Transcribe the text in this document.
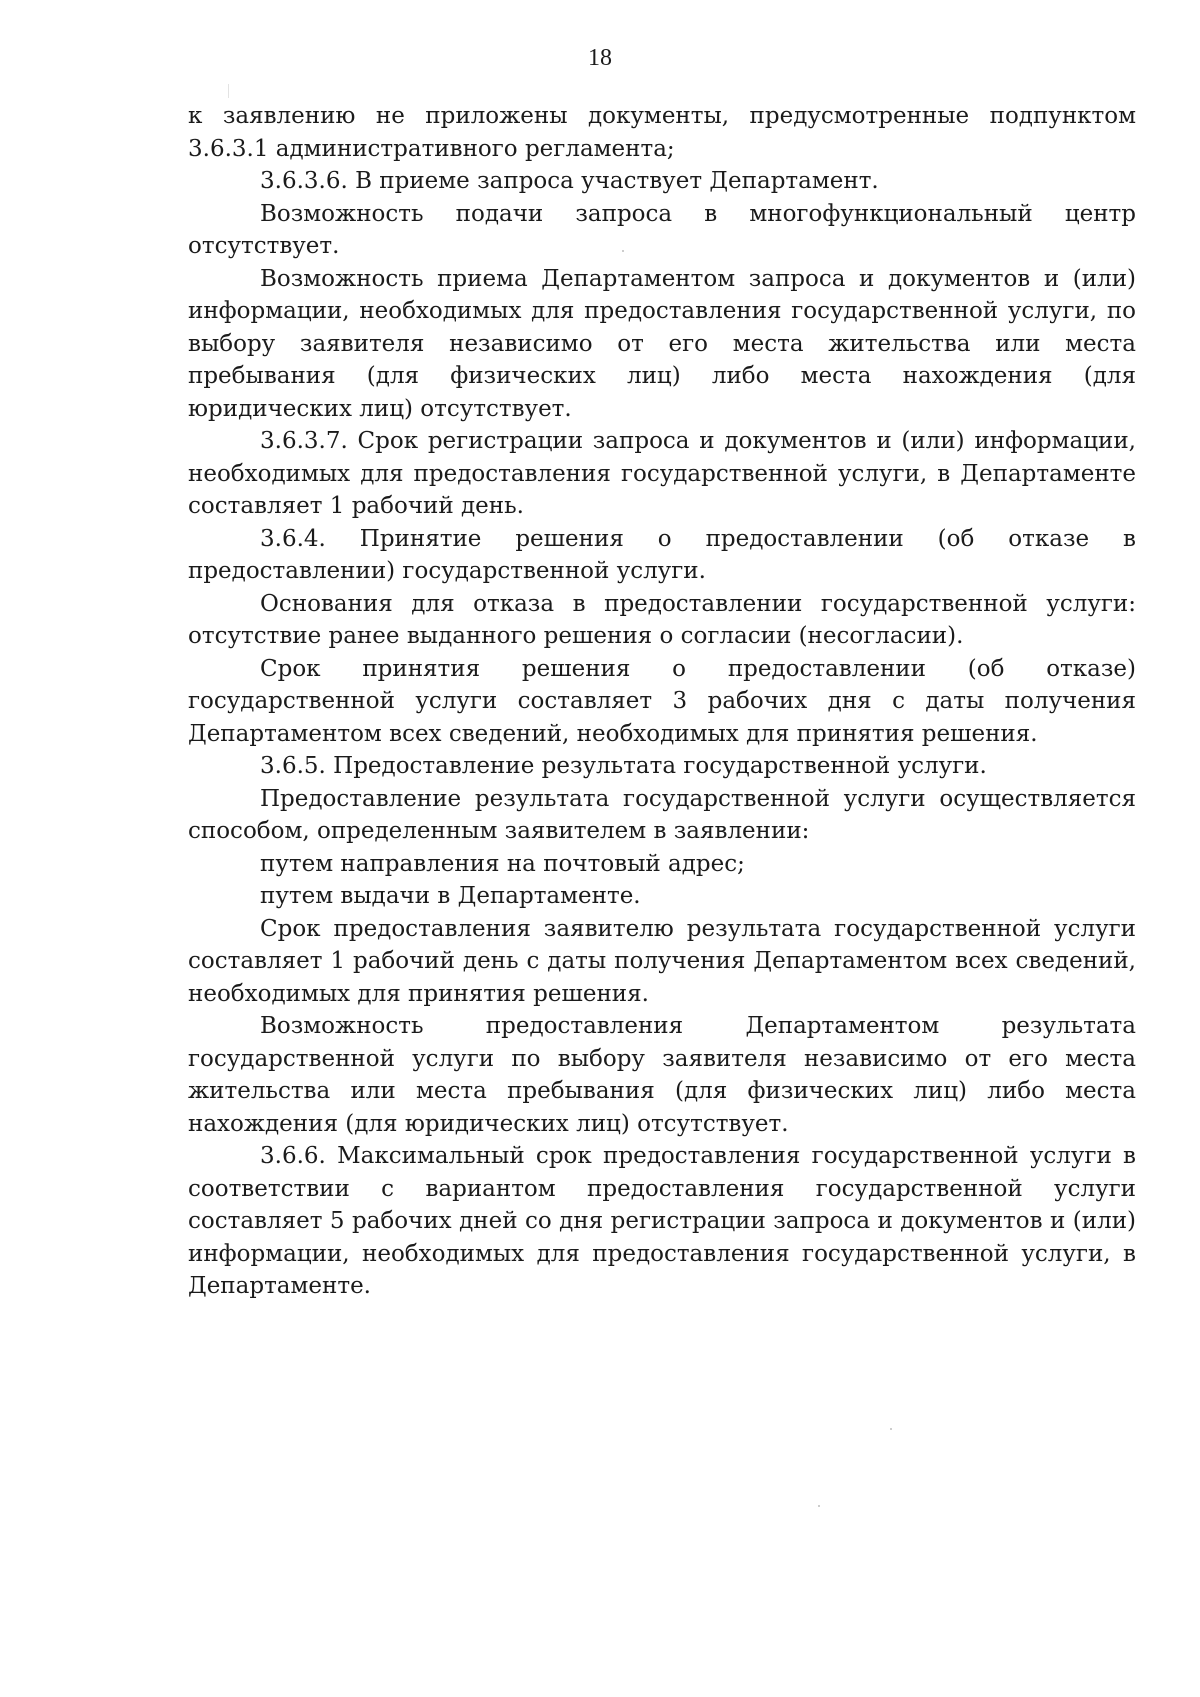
18

к заявлению не приложены документы, предусмотренные подпунктом 3.6.3.1 административного регламента;

3.6.3.6. В приеме запроса участвует Департамент.

Возможность подачи запроса в многофункциональный центр отсутствует.

Возможность приема Департаментом запроса и документов и (или) информации, необходимых для предоставления государственной услуги, по выбору заявителя независимо от его места жительства или места пребывания (для физических лиц) либо места нахождения (для юридических лиц) отсутствует.

3.6.3.7. Срок регистрации запроса и документов и (или) информации, необходимых для предоставления государственной услуги, в Департаменте составляет 1 рабочий день.

3.6.4. Принятие решения о предоставлении (об отказе в предоставлении) государственной услуги.

Основания для отказа в предоставлении государственной услуги: отсутствие ранее выданного решения о согласии (несогласии).

Срок принятия решения о предоставлении (об отказе) государственной услуги составляет 3 рабочих дня с даты получения Департаментом всех сведений, необходимых для принятия решения.

3.6.5. Предоставление результата государственной услуги.

Предоставление результата государственной услуги осуществляется способом, определенным заявителем в заявлении:

путем направления на почтовый адрес;

путем выдачи в Департаменте.

Срок предоставления заявителю результата государственной услуги составляет 1 рабочий день с даты получения Департаментом всех сведений, необходимых для принятия решения.

Возможность предоставления Департаментом результата государственной услуги по выбору заявителя независимо от его места жительства или места пребывания (для физических лиц) либо места нахождения (для юридических лиц) отсутствует.

3.6.6. Максимальный срок предоставления государственной услуги в соответствии с вариантом предоставления государственной услуги составляет 5 рабочих дней со дня регистрации запроса и документов и (или) информации, необходимых для предоставления государственной услуги, в Департаменте.
